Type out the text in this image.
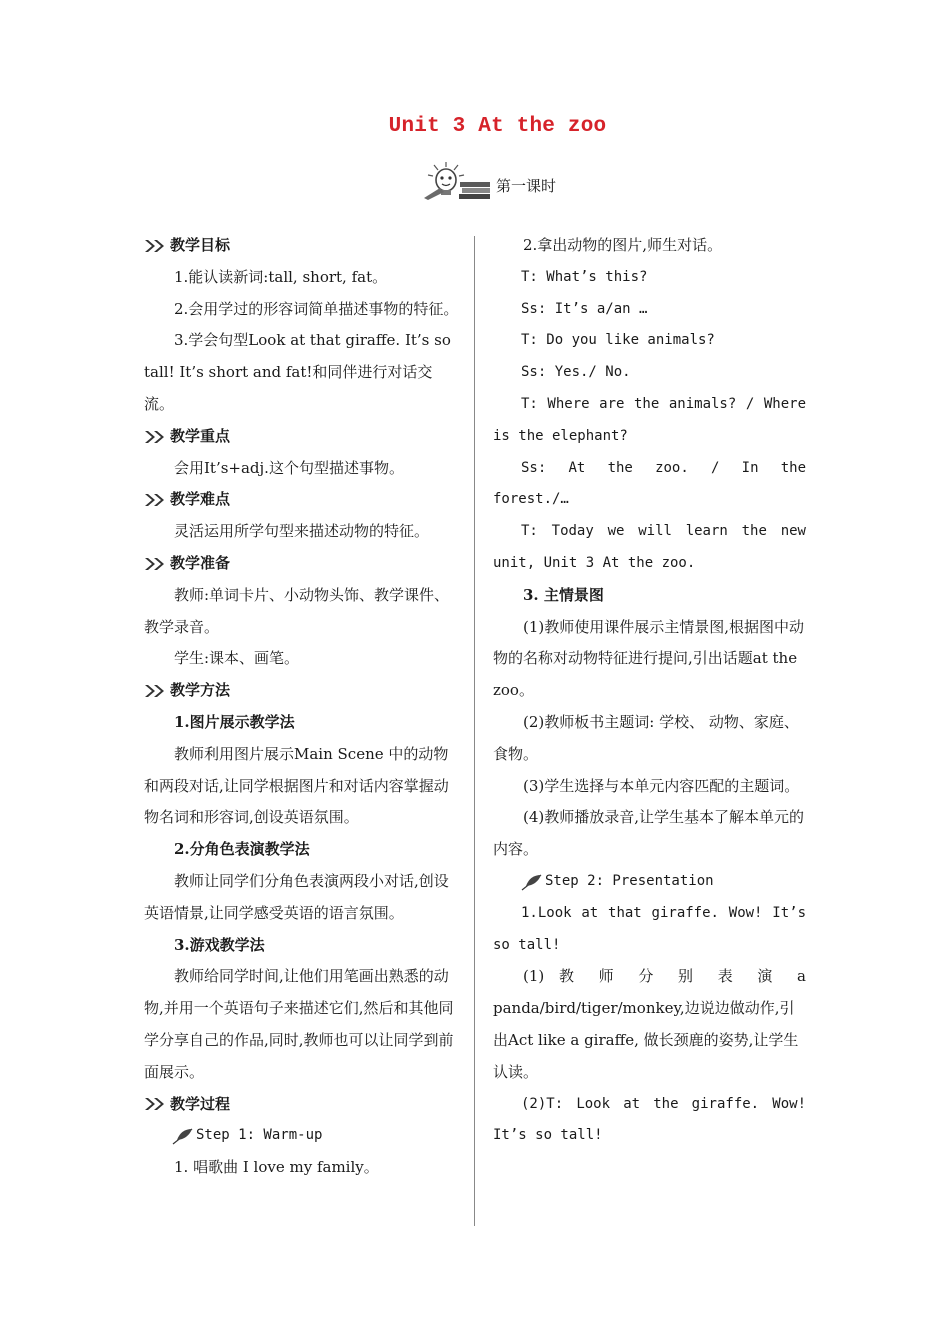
Unit 3 At the zoo
第一课时
教学目标

1.能认读新词:tall, short, fat。

2.会用学过的形容词简单描述事物的特征。

3.学会句型Look at that giraffe. It’s so tall! It’s short and fat!和同伴进行对话交流。

教学重点

会用It’s+adj.这个句型描述事物。

教学难点

灵活运用所学句型来描述动物的特征。

教学准备

教师:单词卡片、小动物头饰、教学课件、教学录音。

学生:课本、画笔。

教学方法

1.图片展示教学法

教师利用图片展示Main Scene 中的动物和两段对话,让同学根据图片和对话内容掌握动物名词和形容词,创设英语氛围。

2.分角色表演教学法

教师让同学们分角色表演两段小对话,创设英语情景,让同学感受英语的语言氛围。

3.游戏教学法

教师给同学时间,让他们用笔画出熟悉的动物,并用一个英语句子来描述它们,然后和其他同学分享自己的作品,同时,教师也可以让同学到前面展示。

教学过程
Step 1: Warm-up

1. 唱歌曲 I love my family。

2.拿出动物的图片,师生对话。

T: What’s this?

Ss: It’s a/an …

T: Do you like animals?

Ss: Yes./ No.

T: Where are the animals? / Where

is the elephant?

Ss: At the zoo. / In the

forest./…

T: Today we will learn the new

unit, Unit 3 At the zoo.

3. 主情景图

(1)教师使用课件展示主情景图,根据图中动物的名称对动物特征进行提问,引出话题at the zoo。

(2)教师板书主题词: 学校、 动物、家庭、 食物。

(3)学生选择与本单元内容匹配的主题词。

(4)教师播放录音,让学生基本了解本单元的内容。

Step 2: Presentation

1.Look at that giraffe. Wow! It’s

so tall!

(1) 教 师 分 别 表 演 a

panda/bird/tiger/monkey,边说边做动作,引出Act like a giraffe, 做长颈鹿的姿势,让学生认读。

(2)T: Look at the giraffe. Wow!

It’s so tall!
